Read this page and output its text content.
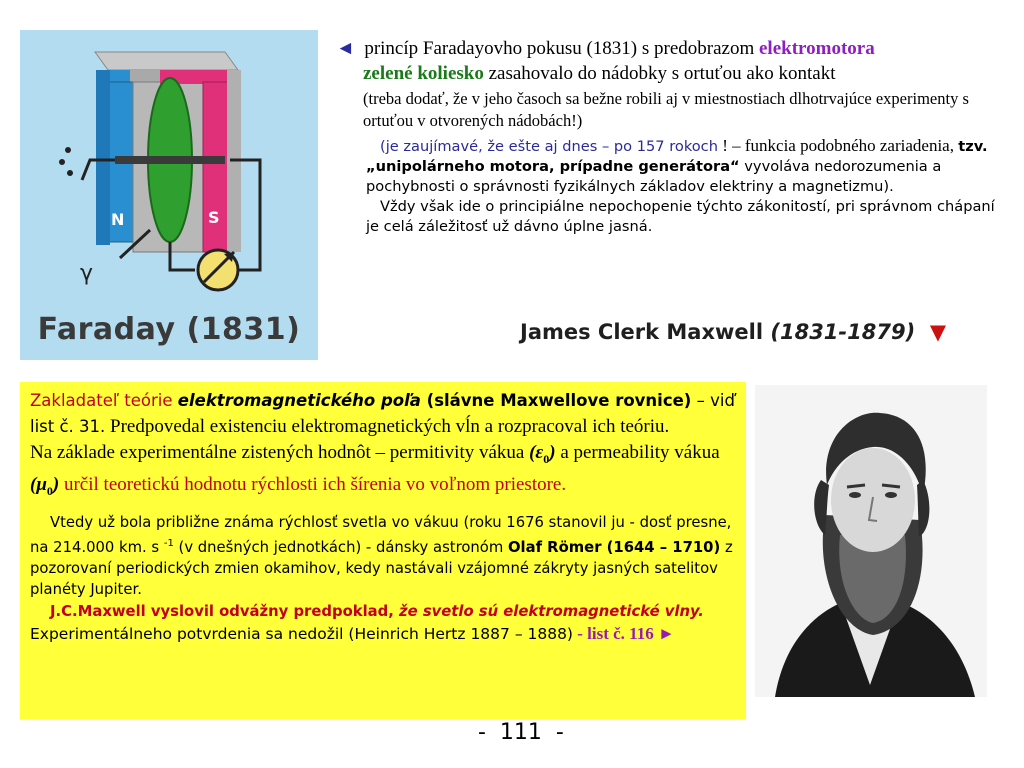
γ
N	S
Faraday (1831)
◄ princíp Faradayovho pokusu (1831) s predobrazom elektromotora
zelené koliesko zasahovalo do nádobky s ortuťou ako kontakt
(treba dodať, že v jeho časoch sa bežne robili aj v miestnostiach dlhotrvajúce experimenty s ortuťou v otvorených nádobách!)
(je zaujímavé, že ešte aj dnes – po 157 rokoch ! – funkcia podobného zariadenia, tzv. „unipolárneho motora, prípadne generátora“ vyvoláva nedorozumenia a pochybnosti o správnosti fyzikálnych základov elektriny a magnetizmu).
Vždy však ide o principiálne nepochopenie týchto zákonitostí, pri správnom chápaní je celá záležitosť už dávno úplne jasná.
James Clerk Maxwell (1831-1879) ▼
Zakladateľ teórie elektromagnetického poľa (slávne Maxwellove rovnice) – viď list č. 31. Predpovedal existenciu elektromagnetických vĺn a rozpracoval ich teóriu.
Na základe experimentálne zistených hodnôt – permitivity vákua $(\varepsilon_0)$ a permeability vákua $(\mu_0)$ určil teoretickú hodnotu rýchlosti ich šírenia vo voľnom priestore.
Vtedy už bola približne známa rýchlosť svetla vo vákuu (roku 1676 stanovil ju - dosť presne, na 214.000 km. s $^{-1}$ (v dnešných jednotkách) - dánsky astronóm Olaf Römer (1644 – 1710) z pozorovaní periodických zmien okamihov, kedy nastávali vzájomné zákryty jasných satelitov planéty Jupiter.
J.C.Maxwell vyslovil odvážny predpoklad, že svetlo sú elektromagnetické vlny. Experimentálneho potvrdenia sa nedožil (Heinrich Hertz 1887 – 1888) - list č. 116 ►
-  111  -
